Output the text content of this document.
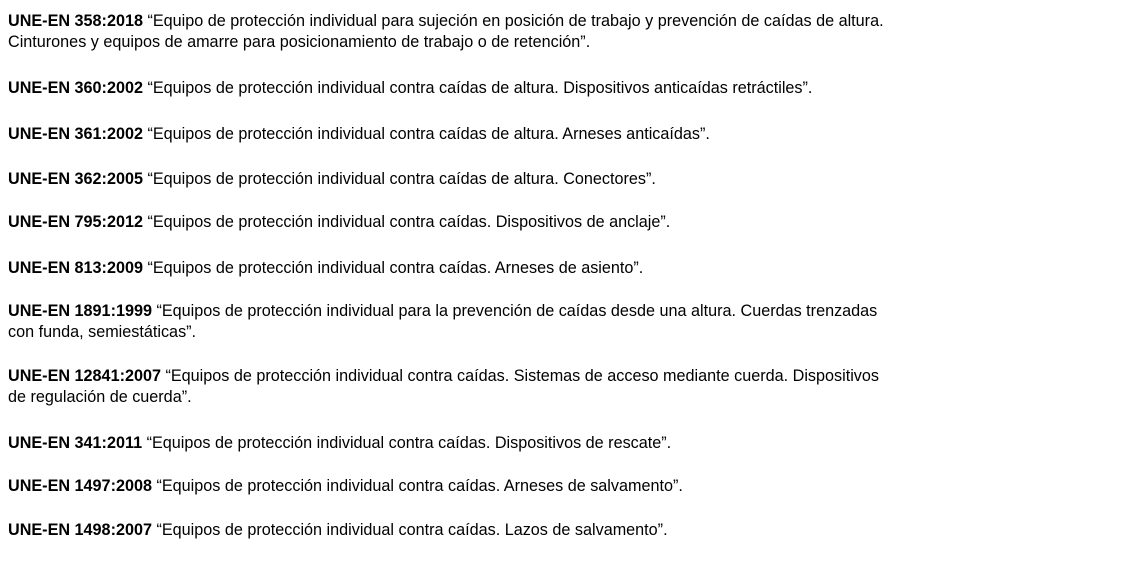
UNE-EN 358:2018 “Equipo de protección individual para sujeción en posición de trabajo y prevención de caídas de altura.
Cinturones y equipos de amarre para posicionamiento de trabajo o de retención”.

UNE-EN 360:2002 “Equipos de protección individual contra caídas de altura. Dispositivos anticaídas retráctiles”.

UNE-EN 361:2002 “Equipos de protección individual contra caídas de altura. Arneses anticaídas”.

UNE-EN 362:2005 “Equipos de protección individual contra caídas de altura. Conectores”.

UNE-EN 795:2012 “Equipos de protección individual contra caídas. Dispositivos de anclaje”.

UNE-EN 813:2009 “Equipos de protección individual contra caídas. Arneses de asiento”.

UNE-EN 1891:1999 “Equipos de protección individual para la prevención de caídas desde una altura. Cuerdas trenzadas
con funda, semiestáticas”.

UNE-EN 12841:2007 “Equipos de protección individual contra caídas. Sistemas de acceso mediante cuerda. Dispositivos
de regulación de cuerda”.

UNE-EN 341:2011 “Equipos de protección individual contra caídas. Dispositivos de rescate”.

UNE-EN 1497:2008 “Equipos de protección individual contra caídas. Arneses de salvamento”.

UNE-EN 1498:2007 “Equipos de protección individual contra caídas. Lazos de salvamento”.
